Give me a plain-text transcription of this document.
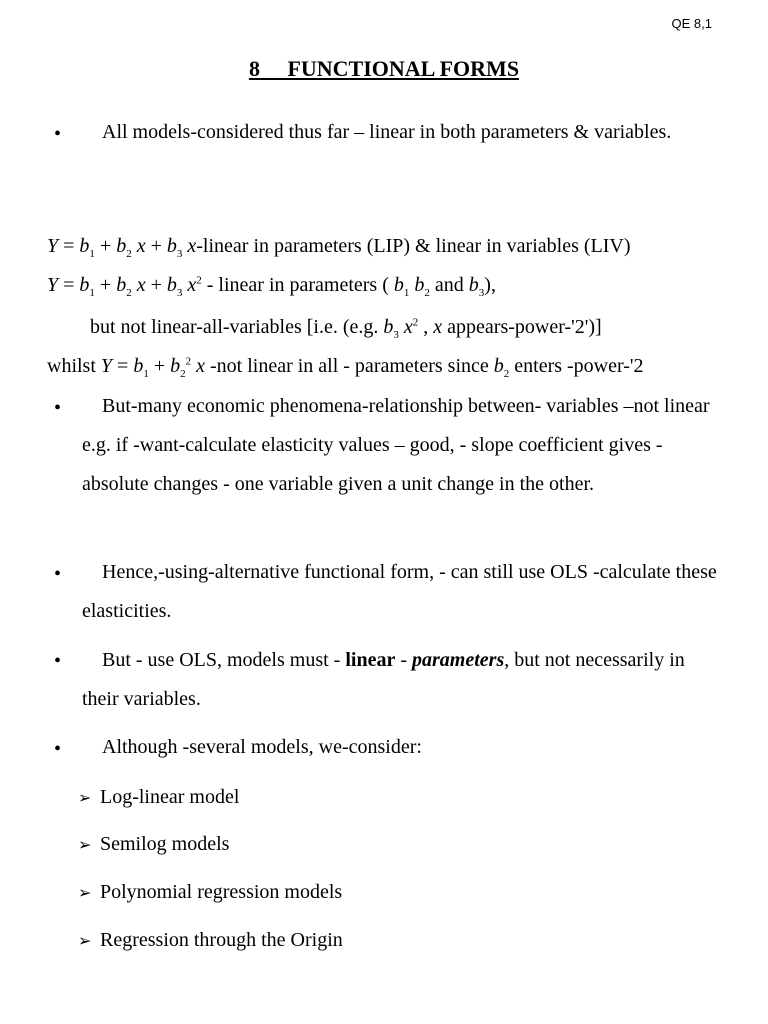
QE 8,1
8     FUNCTIONAL FORMS
•	All models-considered thus far – linear in both parameters & variables.
$Y = b_1 + b_2$ $x + b_3$ x-linear in parameters (LIP) & linear in variables (LIV)
$Y = b_1 + b_2$ $x + b_3$ $x^2$ - linear in parameters ( $b_1$ $b_2$ and $b_3$),
but not linear-all-variables [i.e. (e.g. $b_3$ $x^2$ , x appears-power-'2')]
whilst $Y = b_1 + b_2^2$ x -not linear in all - parameters since $b_2$ enters -power-'2
•	But-many economic phenomena-relationship between- variables –not linear e.g. if -want-calculate elasticity values – good, - slope coefficient gives - absolute changes - one variable given a unit change in the other.
•	Hence,-using-alternative functional form, - can still use OLS -calculate these elasticities.
•	But - use OLS, models must - linear - parameters, but not necessarily in their variables.
•	Although -several models, we-consider:
➢ Log-linear model
➢ Semilog models
➢ Polynomial regression models
➢ Regression through the Origin
